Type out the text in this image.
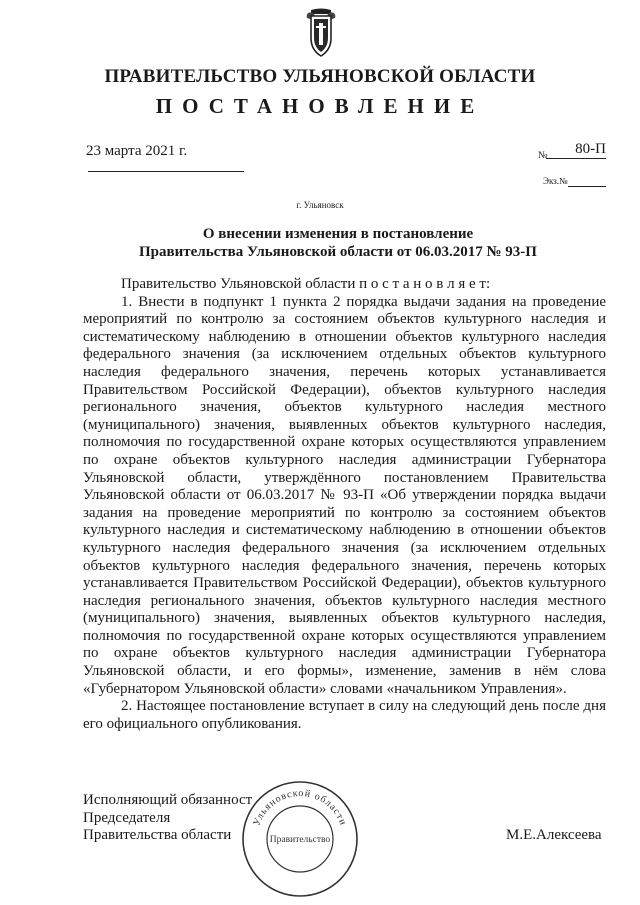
ПРАВИТЕЛЬСТВО УЛЬЯНОВСКОЙ ОБЛАСТИ
ПОСТАНОВЛЕНИЕ
23 марта 2021 г.	№	80-П
Экз.№
г. Ульяновск
О внесении изменения в постановление
Правительства Ульяновской области от 06.03.2017 № 93-П

Правительство Ульяновской области п о с т а н о в л я е т:

1. Внести в подпункт 1 пункта 2 порядка выдачи задания на проведение мероприятий по контролю за состоянием объектов культурного наследия и систематическому наблюдению в отношении объектов культурного наследия федерального значения (за исключением отдельных объектов культурного наследия федерального значения, перечень которых устанавливается Правительством Российской Федерации), объектов культурного наследия регионального значения, объектов культурного наследия местного (муниципального) значения, выявленных объектов культурного наследия, полномочия по государственной охране которых осуществляются управлением по охране объектов культурного наследия администрации Губернатора Ульяновской области, утверждённого постановлением Правительства Ульяновской области от 06.03.2017 № 93-П «Об утверждении порядка выдачи задания на проведение мероприятий по контролю за состоянием объектов культурного наследия и систематическому наблюдению в отношении объектов культурного наследия федерального значения (за исключением отдельных объектов культурного наследия федерального значения, перечень которых устанавливается Правительством Российской Федерации), объектов культурного наследия регионального значения, объектов культурного наследия местного (муниципального) значения, выявленных объектов культурного наследия, полномочия по государственной охране которых осуществляются управлением по охране объектов культурного наследия администрации Губернатора Ульяновской области, и его формы», изменение, заменив в нём слова «Губернатором Ульяновской области» словами «начальником Управления».

2. Настоящее постановление вступает в силу на следующий день после дня его официального опубликования.

Исполняющий обязанност
Председателя
Правительства области
Ульяновской области
Правительство	М.Е.Алексеева
